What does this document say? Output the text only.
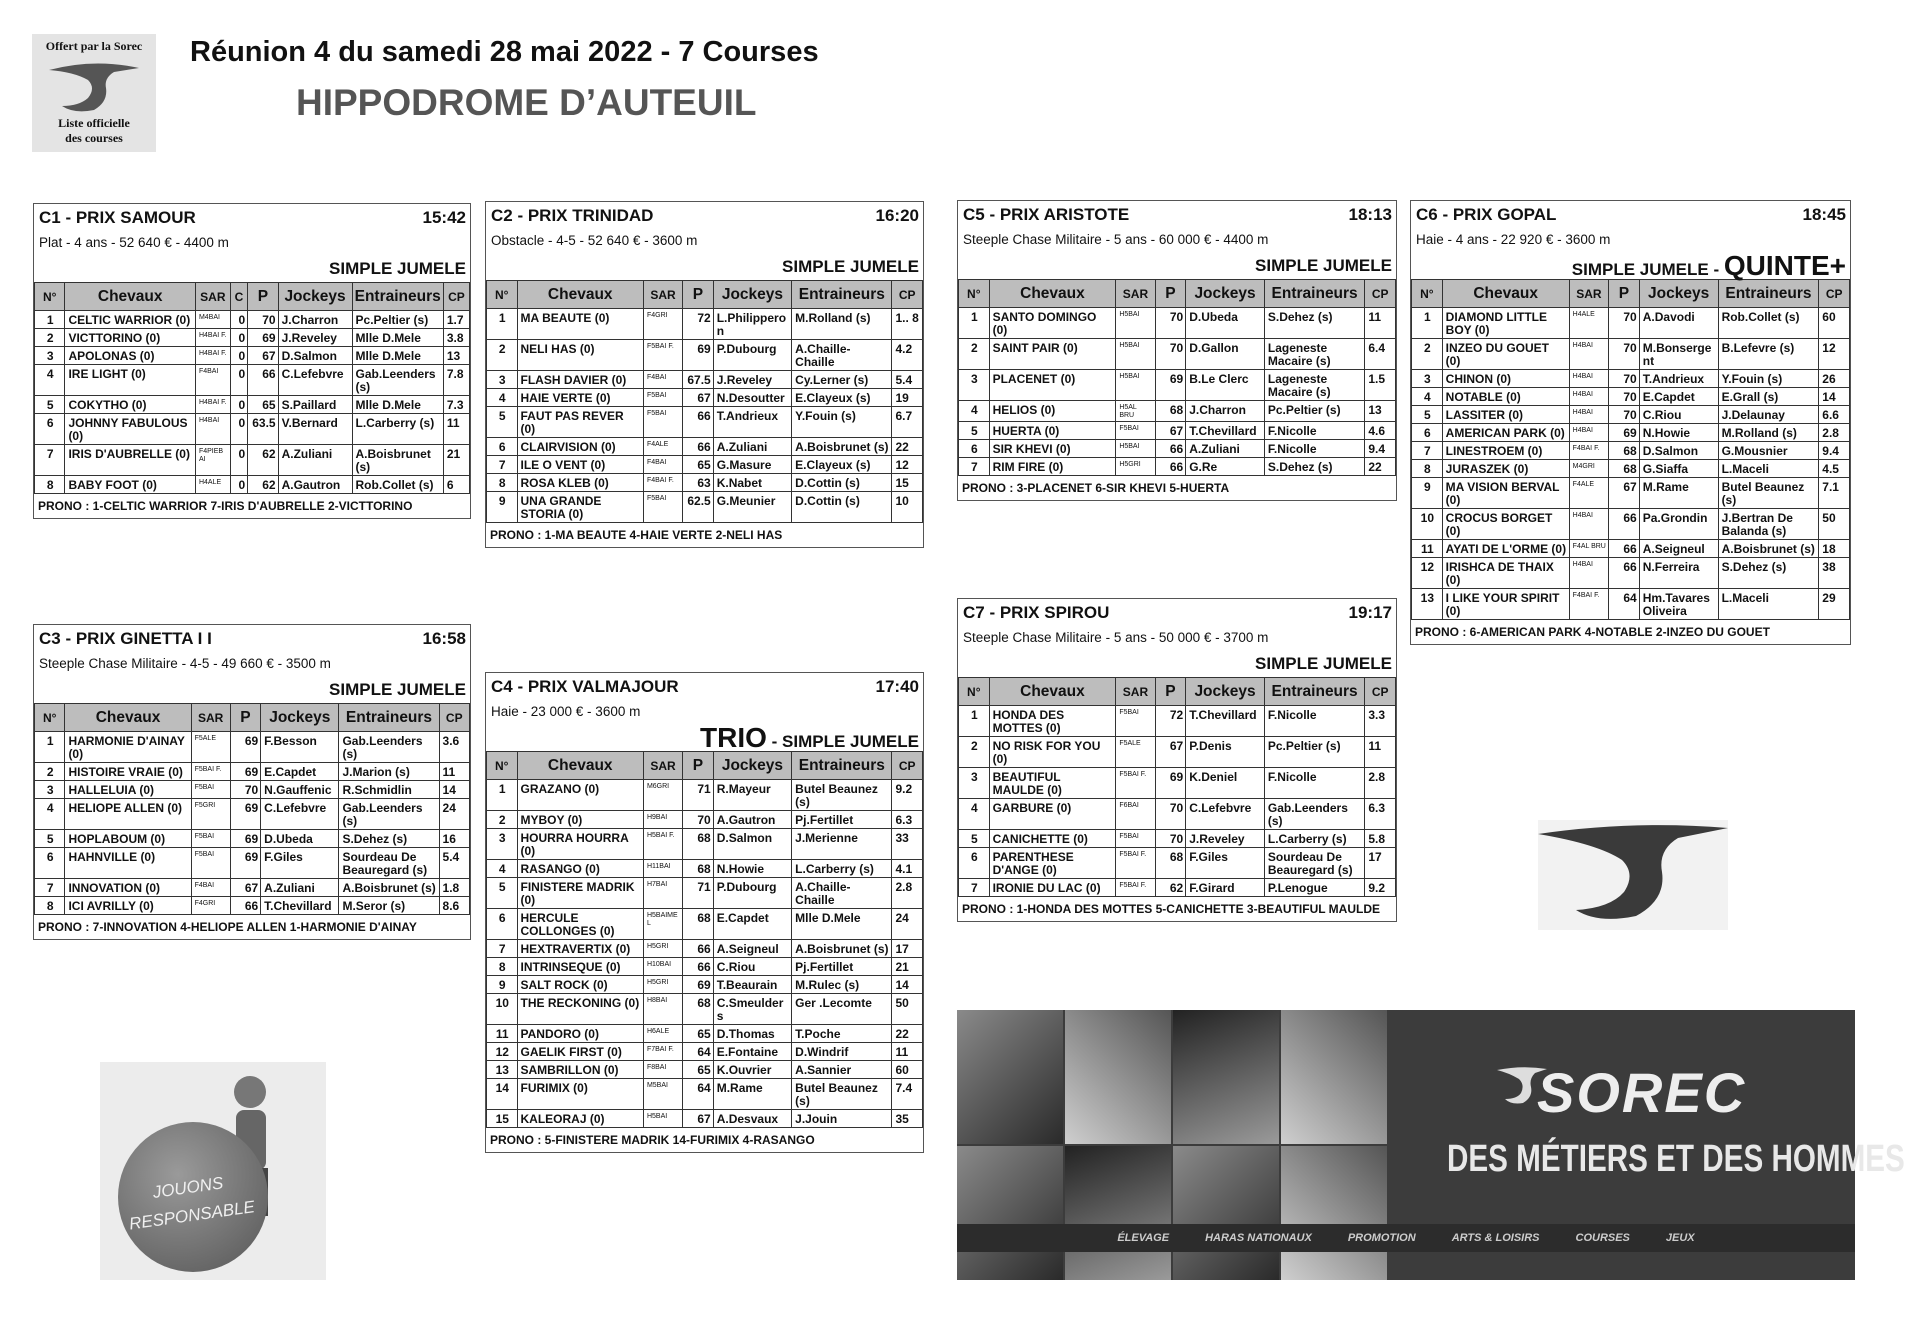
Offert par la Sorec
Liste officielle des courses
Réunion 4 du samedi 28 mai 2022 - 7 Courses
HIPPODROME D’AUTEUIL
C1 - PRIX SAMOUR	15:42
Plat - 4 ans - 52 640 € - 4400 m
SIMPLE JUMELE
N°	Chevaux	SAR	C	P	Jockeys	Entraineurs	CP
1	CELTIC WARRIOR (0)	M4BAI	0	70	J.Charron	Pc.Peltier (s)	1.7
2	VICTTORINO (0)	H4BAI F.	0	69	J.Reveley	Mlle D.Mele	3.8
3	APOLONAS (0)	H4BAI F.	0	67	D.Salmon	Mlle D.Mele	13
4	IRE LIGHT (0)	F4BAI	0	66	C.Lefebvre	Gab.Leenders (s)	7.8
5	COKYTHO (0)	H4BAI F.	0	65	S.Paillard	Mlle D.Mele	7.3
6	JOHNNY FABULOUS (0)	H4BAI	0	63.5	V.Bernard	L.Carberry (s)	11
7	IRIS D'AUBRELLE (0)	F4PIEB AI	0	62	A.Zuliani	A.Boisbrunet (s)	21
8	BABY FOOT (0)	H4ALE	0	62	A.Gautron	Rob.Collet (s)	6
PRONO : 1-CELTIC WARRIOR 7-IRIS D'AUBRELLE 2-VICTTORINO
C3 - PRIX GINETTA I I	16:58
Steeple Chase Militaire - 4-5 - 49 660 € - 3500 m
SIMPLE JUMELE
N°	Chevaux	SAR	P	Jockeys	Entraineurs	CP
1	HARMONIE D'AINAY (0)	F5ALE	69	F.Besson	Gab.Leenders (s)	3.6
2	HISTOIRE VRAIE (0)	F5BAI F.	69	E.Capdet	J.Marion (s)	11
3	HALLELUIA (0)	F5BAI	70	N.Gauffenic	R.Schmidlin	14
4	HELIOPE ALLEN (0)	F5GRI	69	C.Lefebvre	Gab.Leenders (s)	24
5	HOPLABOUM (0)	F5BAI	69	D.Ubeda	S.Dehez (s)	16
6	HAHNVILLE (0)	F5BAI	69	F.Giles	Sourdeau De Beauregard (s)	5.4
7	INNOVATION (0)	F4BAI	67	A.Zuliani	A.Boisbrunet (s)	1.8
8	ICI AVRILLY (0)	F4GRI	66	T.Chevillard	M.Seror (s)	8.6
PRONO : 7-INNOVATION 4-HELIOPE ALLEN 1-HARMONIE D'AINAY
C2 - PRIX TRINIDAD	16:20
Obstacle - 4-5 - 52 640 € - 3600 m
SIMPLE JUMELE
N°	Chevaux	SAR	P	Jockeys	Entraineurs	CP
1	MA BEAUTE (0)	F4GRI	72	L.Philipperon	M.Rolland (s)	1.. 8
2	NELI HAS (0)	F5BAI F.	69	P.Dubourg	A.Chaille-Chaille	4.2
3	FLASH DAVIER (0)	F4BAI	67.5	J.Reveley	Cy.Lerner (s)	5.4
4	HAIE VERTE (0)	F5BAI	67	N.Desoutter	E.Clayeux (s)	19
5	FAUT PAS REVER (0)	F5BAI	66	T.Andrieux	Y.Fouin (s)	6.7
6	CLAIRVISION (0)	F4ALE	66	A.Zuliani	A.Boisbrunet (s)	22
7	ILE O VENT (0)	F4BAI	65	G.Masure	E.Clayeux (s)	12
8	ROSA KLEB (0)	F4BAI F.	63	K.Nabet	D.Cottin (s)	15
9	UNA GRANDE STORIA (0)	F5BAI	62.5	G.Meunier	D.Cottin (s)	10
PRONO : 1-MA BEAUTE 4-HAIE VERTE 2-NELI HAS
C4 - PRIX VALMAJOUR	17:40
Haie - 23 000 € - 3600 m
TRIO - SIMPLE JUMELE
N°	Chevaux	SAR	P	Jockeys	Entraineurs	CP
1	GRAZANO (0)	M6GRI	71	R.Mayeur	Butel Beaunez (s)	9.2
2	MYBOY (0)	H9BAI	70	A.Gautron	Pj.Fertillet	6.3
3	HOURRA HOURRA (0)	H5BAI F.	68	D.Salmon	J.Merienne	33
4	RASANGO (0)	H11BAI	68	N.Howie	L.Carberry (s)	4.1
5	FINISTERE MADRIK (0)	H7BAI	71	P.Dubourg	A.Chaille-Chaille	2.8
6	HERCULE COLLONGES (0)	H5BAIME L	68	E.Capdet	Mlle D.Mele	24
7	HEXTRAVERTIX (0)	H5GRI	66	A.Seigneul	A.Boisbrunet (s)	17
8	INTRINSEQUE (0)	H10BAI	66	C.Riou	Pj.Fertillet	21
9	SALT ROCK (0)	H5GRI	69	T.Beaurain	M.Rulec (s)	14
10	THE RECKONING (0)	H8BAI	68	C.Smeulders	Ger .Lecomte	50
11	PANDORO (0)	H6ALE	65	D.Thomas	T.Poche	22
12	GAELIK FIRST (0)	F7BAI F.	64	E.Fontaine	D.Windrif	11
13	SAMBRILLON (0)	F8BAI	65	K.Ouvrier	A.Sannier	60
14	FURIMIX (0)	M5BAI	64	M.Rame	Butel Beaunez (s)	7.4
15	KALEORAJ (0)	H5BAI	67	A.Desvaux	J.Jouin	35
PRONO : 5-FINISTERE MADRIK 14-FURIMIX 4-RASANGO
C5 - PRIX ARISTOTE	18:13
Steeple Chase Militaire - 5 ans - 60 000 € - 4400 m
SIMPLE JUMELE
N°	Chevaux	SAR	P	Jockeys	Entraineurs	CP
1	SANTO DOMINGO (0)	H5BAI	70	D.Ubeda	S.Dehez (s)	11
2	SAINT PAIR (0)	H5BAI	70	D.Gallon	Lageneste Macaire (s)	6.4
3	PLACENET (0)	H5BAI	69	B.Le Clerc	Lageneste Macaire (s)	1.5
4	HELIOS (0)	H5AL BRU	68	J.Charron	Pc.Peltier (s)	13
5	HUERTA (0)	F5BAI	67	T.Chevillard	F.Nicolle	4.6
6	SIR KHEVI (0)	H5BAI	66	A.Zuliani	F.Nicolle	9.4
7	RIM FIRE (0)	H5GRI	66	G.Re	S.Dehez (s)	22
PRONO : 3-PLACENET 6-SIR KHEVI 5-HUERTA
C7 - PRIX SPIROU	19:17
Steeple Chase Militaire - 5 ans - 50 000 € - 3700 m
SIMPLE JUMELE
N°	Chevaux	SAR	P	Jockeys	Entraineurs	CP
1	HONDA DES MOTTES (0)	F5BAI	72	T.Chevillard	F.Nicolle	3.3
2	NO RISK FOR YOU (0)	F5ALE	67	P.Denis	Pc.Peltier (s)	11
3	BEAUTIFUL MAULDE (0)	F5BAI F.	69	K.Deniel	F.Nicolle	2.8
4	GARBURE (0)	F6BAI	70	C.Lefebvre	Gab.Leenders (s)	6.3
5	CANICHETTE (0)	F5BAI	70	J.Reveley	L.Carberry (s)	5.8
6	PARENTHESE D'ANGE (0)	F5BAI F.	68	F.Giles	Sourdeau De Beauregard (s)	17
7	IRONIE DU LAC (0)	F5BAI F.	62	F.Girard	P.Lenogue	9.2
PRONO : 1-HONDA DES MOTTES 5-CANICHETTE 3-BEAUTIFUL MAULDE
C6 - PRIX GOPAL	18:45
Haie - 4 ans - 22 920 € - 3600 m
SIMPLE JUMELE - QUINTE+
N°	Chevaux	SAR	P	Jockeys	Entraineurs	CP
1	DIAMOND LITTLE BOY (0)	H4ALE	70	A.Davodi	Rob.Collet (s)	60
2	INZEO DU GOUET (0)	H4BAI	70	M.Bonsergent	B.Lefevre (s)	12
3	CHINON (0)	H4BAI	70	T.Andrieux	Y.Fouin (s)	26
4	NOTABLE (0)	H4BAI	70	E.Capdet	E.Grall (s)	14
5	LASSITER (0)	H4BAI	70	C.Riou	J.Delaunay	6.6
6	AMERICAN PARK (0)	H4BAI	69	N.Howie	M.Rolland (s)	2.8
7	LINESTROEM (0)	F4BAI F.	68	D.Salmon	G.Mousnier	9.4
8	JURASZEK (0)	M4GRI	68	G.Siaffa	L.Maceli	4.5
9	MA VISION BERVAL (0)	F4ALE	67	M.Rame	Butel Beaunez (s)	7.1
10	CROCUS BORGET (0)	H4BAI	66	Pa.Grondin	J.Bertran De Balanda (s)	50
11	AYATI DE L'ORME (0)	F4AL BRU	66	A.Seigneul	A.Boisbrunet (s)	18
12	IRISHCA DE THAIX (0)	H4BAI	66	N.Ferreira	S.Dehez (s)	38
13	I LIKE YOUR SPIRIT (0)	F4BAI F.	64	Hm.Tavares Oliveira	L.Maceli	29
PRONO : 6-AMERICAN PARK 4-NOTABLE 2-INZEO DU GOUET
JOUONS
RESPONSABLE
SOREC
DES MÉTIERS ET DES HOMMES
ÉLEVAGE	HARAS NATIONAUX	PROMOTION	ARTS & LOISIRS	COURSES	JEUX
